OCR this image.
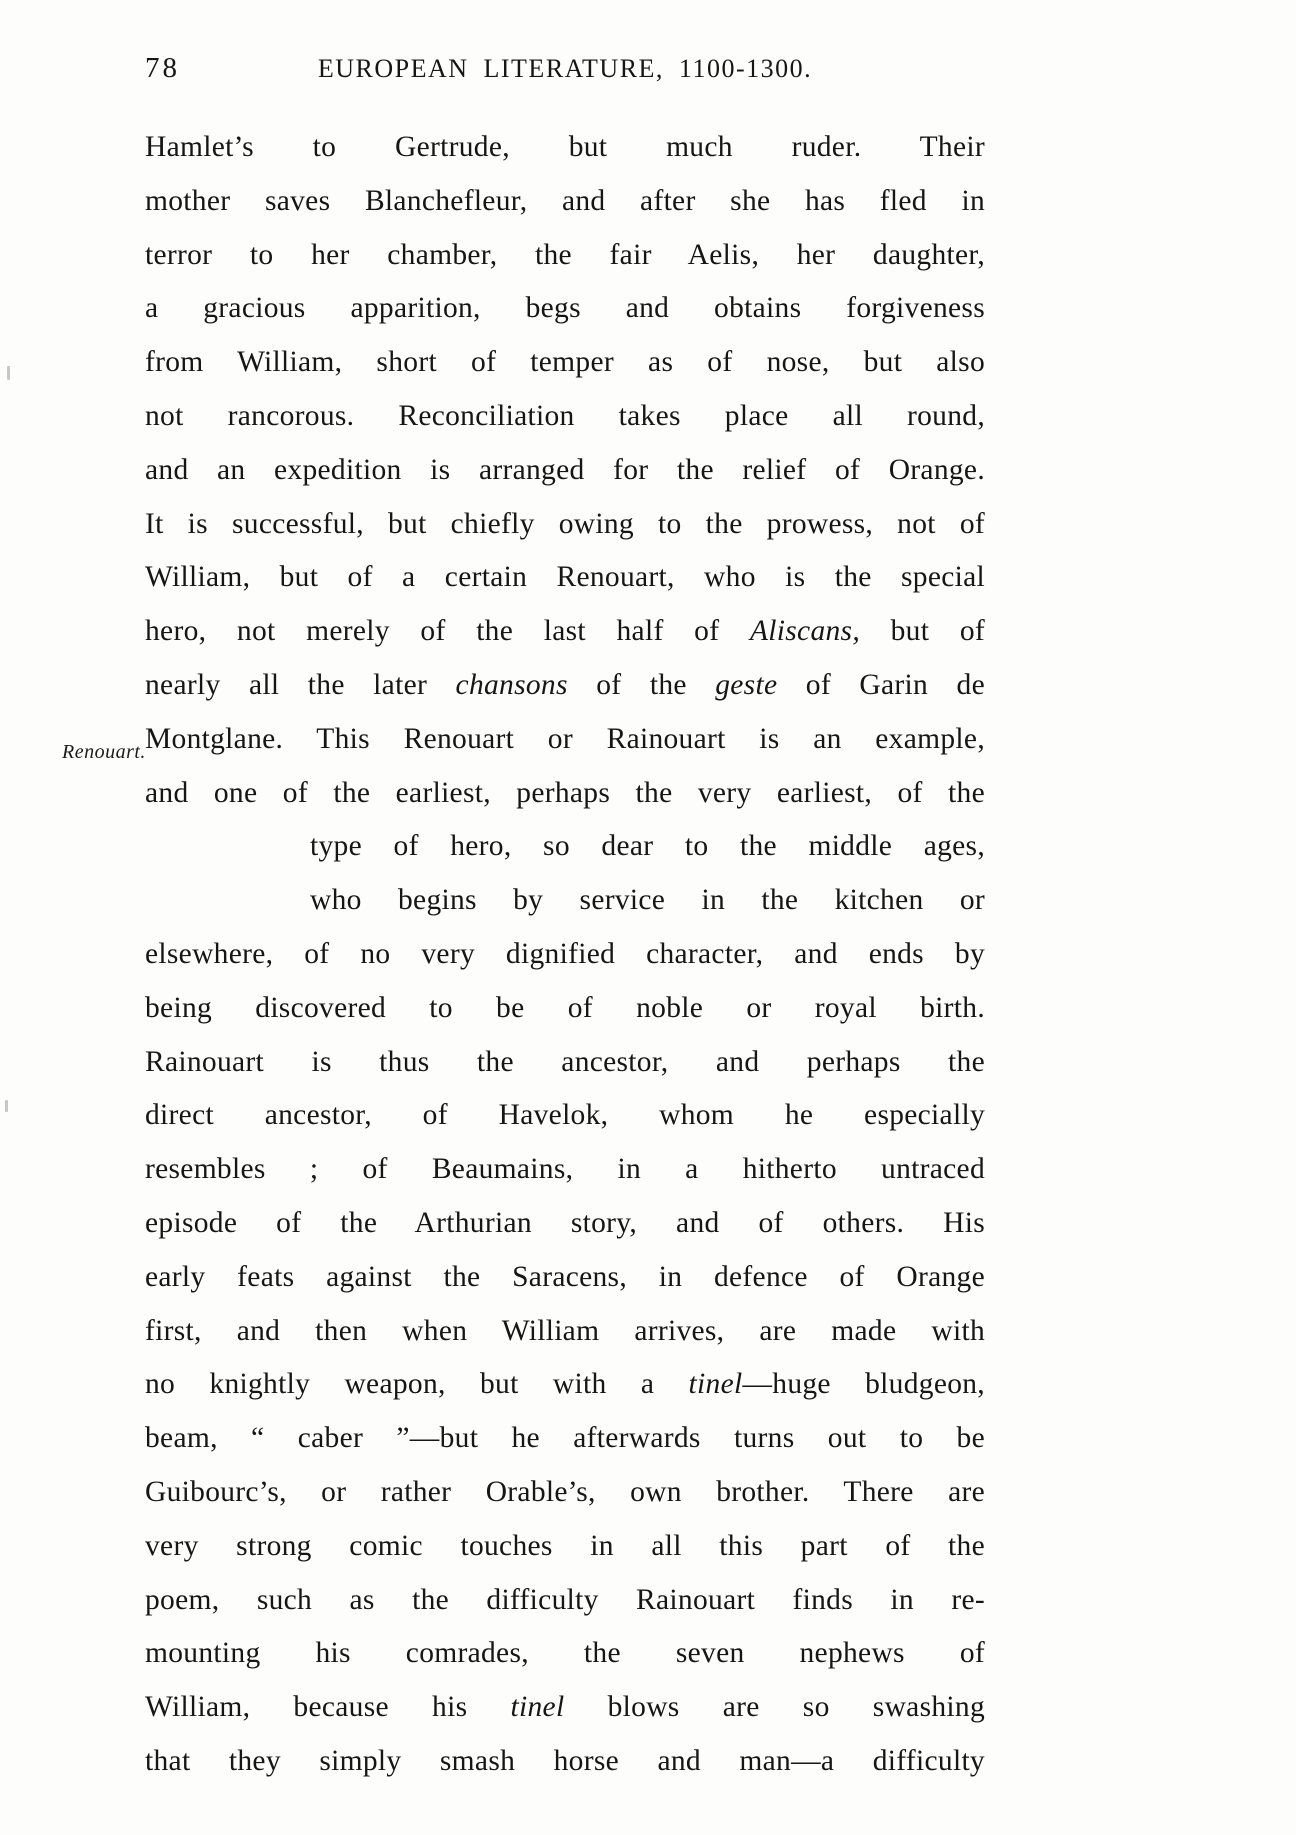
78	EUROPEAN LITERATURE, 1100-1300.
Hamlet’s to Gertrude, but much ruder. Their
mother saves Blanchefleur, and after she has fled in
terror to her chamber, the fair Aelis, her daughter,
a gracious apparition, begs and obtains forgiveness
from William, short of temper as of nose, but also
not rancorous. Reconciliation takes place all round,
and an expedition is arranged for the relief of Orange.
It is successful, but chiefly owing to the prowess, not of
William, but of a certain Renouart, who is the special
hero, not merely of the last half of Aliscans, but of
nearly all the later chansons of the geste of Garin de
Montglane. This Renouart or Rainouart is an example,
and one of the earliest, perhaps the very earliest, of the
type of hero, so dear to the middle ages,
who begins by service in the kitchen or
elsewhere, of no very dignified character, and ends by
being discovered to be of noble or royal birth.
Rainouart is thus the ancestor, and perhaps the
direct ancestor, of Havelok, whom he especially
resembles ; of Beaumains, in a hitherto untraced
episode of the Arthurian story, and of others. His
early feats against the Saracens, in defence of Orange
first, and then when William arrives, are made with
no knightly weapon, but with a tinel—huge bludgeon,
beam, “ caber ”—but he afterwards turns out to be
Guibourc’s, or rather Orable’s, own brother. There are
very strong comic touches in all this part of the
poem, such as the difficulty Rainouart finds in re-
mounting his comrades, the seven nephews of
William, because his tinel blows are so swashing
that they simply smash horse and man—a difficulty
Renouart.
